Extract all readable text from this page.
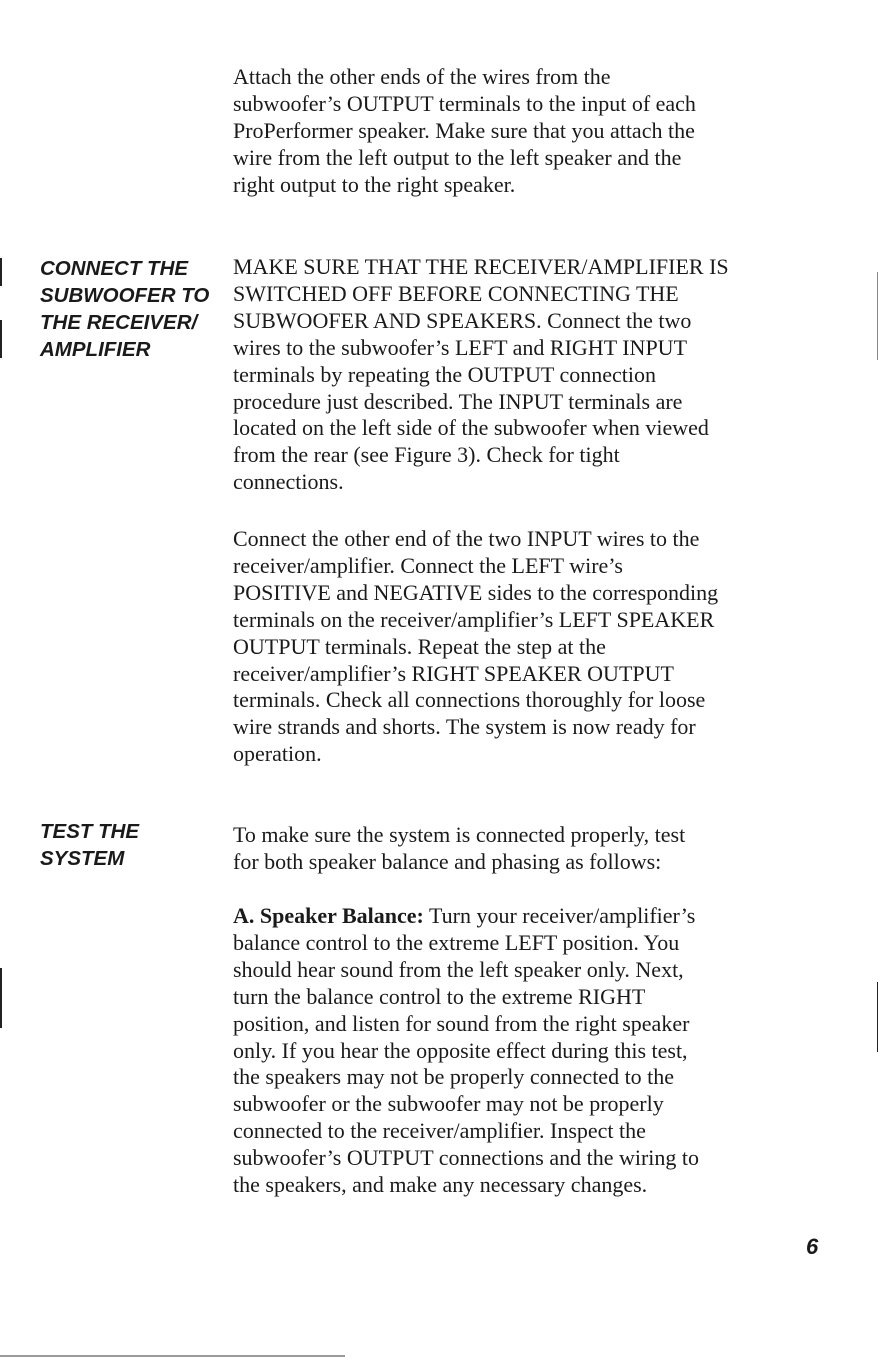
Attach the other ends of the wires from the
subwoofer’s OUTPUT terminals to the input of each
ProPerformer speaker. Make sure that you attach the
wire from the left output to the left speaker and the
right output to the right speaker.

CONNECT THE
SUBWOOFER TO
THE RECEIVER/
AMPLIFIER

MAKE SURE THAT THE RECEIVER/AMPLIFIER IS
SWITCHED OFF BEFORE CONNECTING THE
SUBWOOFER AND SPEAKERS. Connect the two
wires to the subwoofer’s LEFT and RIGHT INPUT
terminals by repeating the OUTPUT connection
procedure just described. The INPUT terminals are
located on the left side of the subwoofer when viewed
from the rear (see Figure 3). Check for tight
connections.

Connect the other end of the two INPUT wires to the
receiver/amplifier. Connect the LEFT wire’s
POSITIVE and NEGATIVE sides to the corresponding
terminals on the receiver/amplifier’s LEFT SPEAKER
OUTPUT terminals. Repeat the step at the
receiver/amplifier’s RIGHT SPEAKER OUTPUT
terminals. Check all connections thoroughly for loose
wire strands and shorts. The system is now ready for
operation.

TEST THE
SYSTEM

To make sure the system is connected properly, test
for both speaker balance and phasing as follows:

A. Speaker Balance: Turn your receiver/amplifier’s
balance control to the extreme LEFT position. You
should hear sound from the left speaker only. Next,
turn the balance control to the extreme RIGHT
position, and listen for sound from the right speaker
only. If you hear the opposite effect during this test,
the speakers may not be properly connected to the
subwoofer or the subwoofer may not be properly
connected to the receiver/amplifier. Inspect the
subwoofer’s OUTPUT connections and the wiring to
the speakers, and make any necessary changes.

6
